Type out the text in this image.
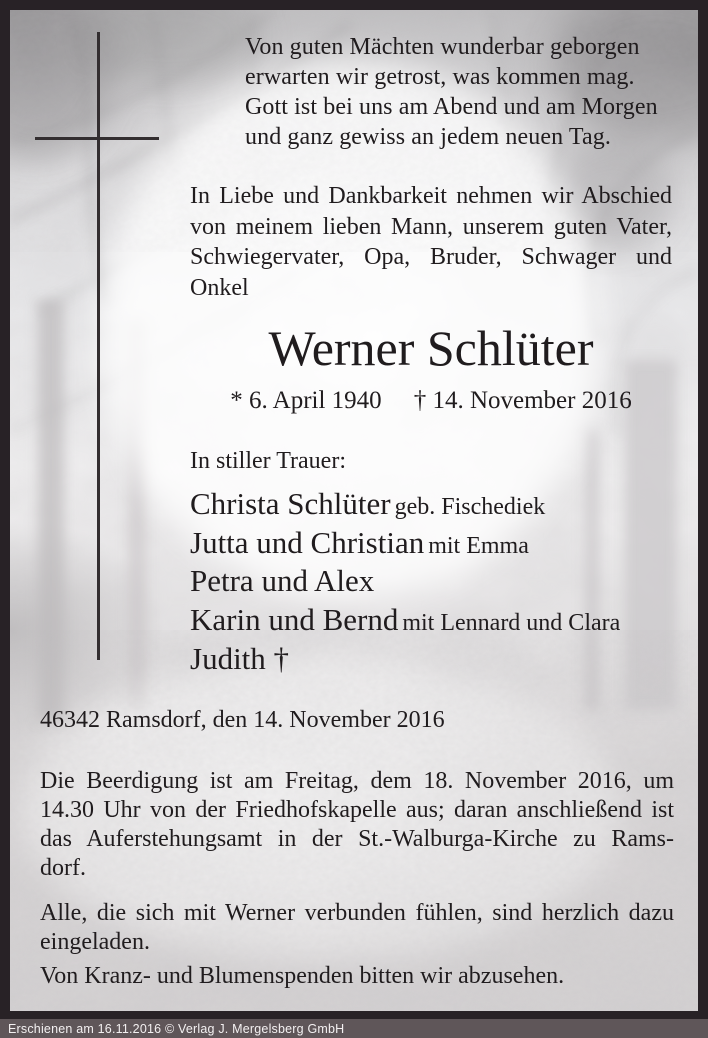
Von guten Mächten wunderbar geborgen
erwarten wir getrost, was kommen mag.
Gott ist bei uns am Abend und am Morgen
und ganz gewiss an jedem neuen Tag.
In Liebe und Dankbarkeit nehmen wir Abschied
von meinem lieben Mann, unserem guten Vater,
Schwiegervater, Opa, Bruder, Schwager und
Onkel
Werner Schlüter
* 6. April 1940 † 14. November 2016
In stiller Trauer:
Christa Schlüter geb. Fischediek
Jutta und Christian mit Emma
Petra und Alex
Karin und Bernd mit Lennard und Clara
Judith †
46342 Ramsdorf, den 14. November 2016
Die Beerdigung ist am Freitag, dem 18. November 2016, um
14.30 Uhr von der Friedhofskapelle aus; daran anschließend ist
das Auferstehungsamt in der St.-Walburga-Kirche zu Rams-
dorf.
Alle, die sich mit Werner verbunden fühlen, sind herzlich dazu
eingeladen.
Von Kranz- und Blumenspenden bitten wir abzusehen.
Erschienen am 16.11.2016 © Verlag J. Mergelsberg GmbH
